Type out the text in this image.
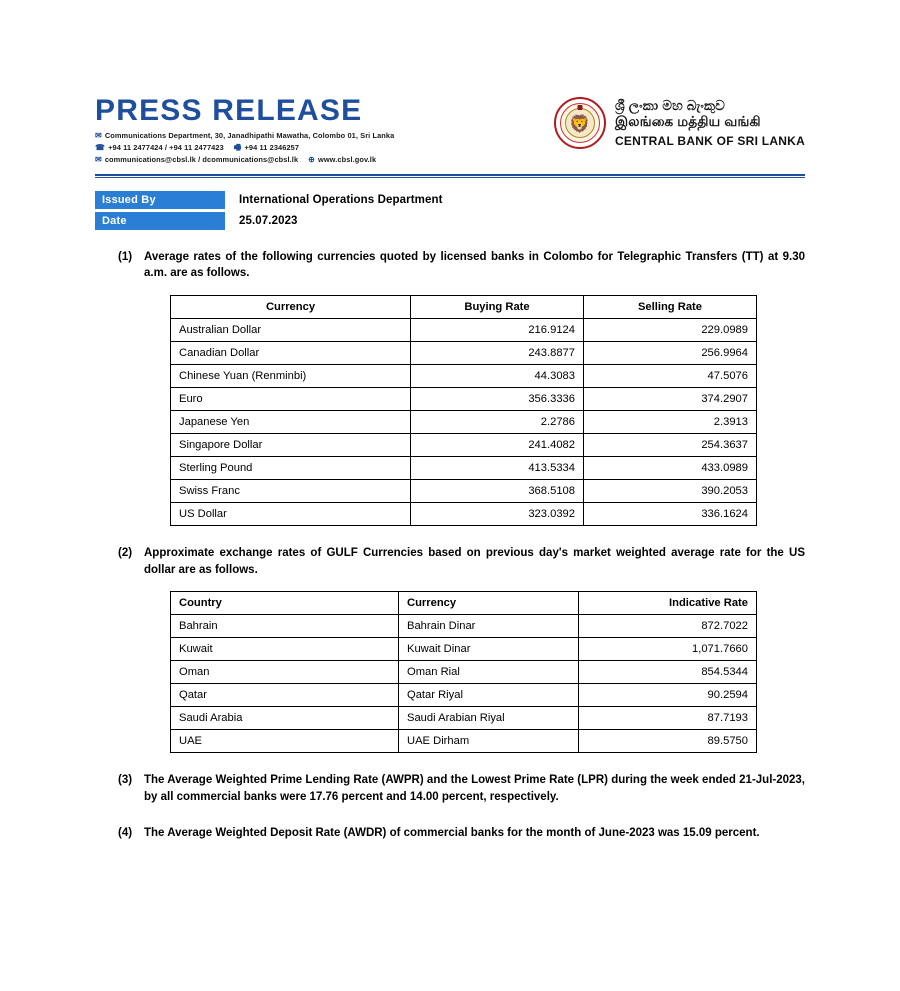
PRESS RELEASE
✉ Communications Department, 30, Janadhipathi Mawatha, Colombo 01, Sri Lanka
☎ +94 11 2477424 / +94 11 2477423 🖷 +94 11 2346257
✉ communications@cbsl.lk / dcommunications@cbsl.lk ⊕ www.cbsl.gov.lk
🦁
ශ්‍රී ලංකා මහ බැංකුව
இலங்கை மத்திய வங்கி
CENTRAL BANK OF SRI LANKA
Issued By	International Operations Department
Date	25.07.2023
(1)	Average rates of the following currencies quoted by licensed banks in Colombo for Telegraphic Transfers (TT) at 9.30 a.m. are as follows.
Currency	Buying Rate	Selling Rate
Australian Dollar	216.9124	229.0989
Canadian Dollar	243.8877	256.9964
Chinese Yuan (Renminbi)	44.3083	47.5076
Euro	356.3336	374.2907
Japanese Yen	2.2786	2.3913
Singapore Dollar	241.4082	254.3637
Sterling Pound	413.5334	433.0989
Swiss Franc	368.5108	390.2053
US Dollar	323.0392	336.1624
(2)	Approximate exchange rates of GULF Currencies based on previous day's market weighted average rate for the US dollar are as follows.
Country	Currency	Indicative Rate
Bahrain	Bahrain Dinar	872.7022
Kuwait	Kuwait Dinar	1,071.7660
Oman	Oman Rial	854.5344
Qatar	Qatar Riyal	90.2594
Saudi Arabia	Saudi Arabian Riyal	87.7193
UAE	UAE Dirham	89.5750
(3)	The Average Weighted Prime Lending Rate (AWPR) and the Lowest Prime Rate (LPR) during the week ended 21-Jul-2023, by all commercial banks were 17.76 percent and 14.00 percent, respectively.
(4)	The Average Weighted Deposit Rate (AWDR) of commercial banks for the month of June-2023 was 15.09 percent.
